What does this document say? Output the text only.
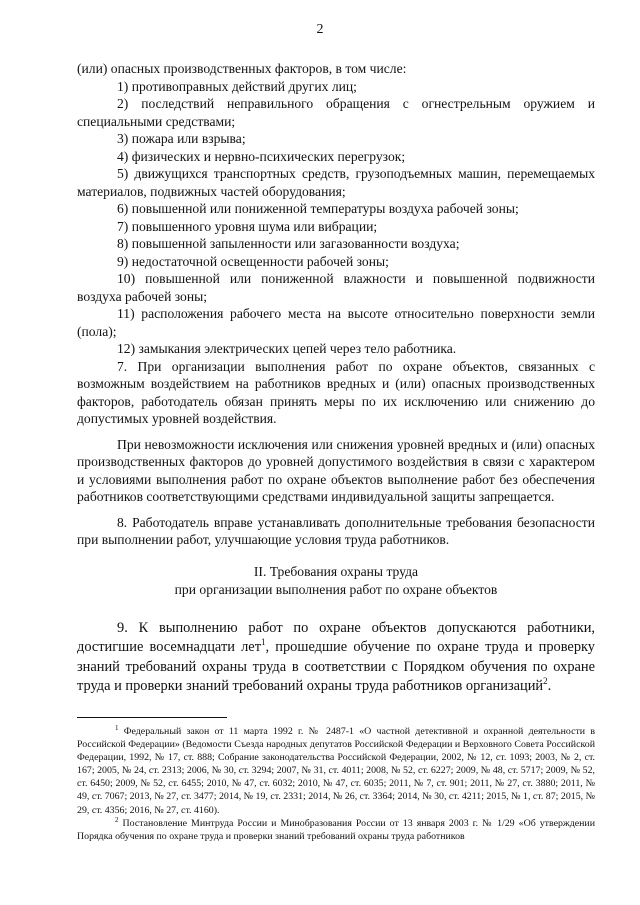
2

(или) опасных производственных факторов, в том числе:

1) противоправных действий других лиц;

2) последствий неправильного обращения с огнестрельным оружием и специальными средствами;

3) пожара или взрыва;

4) физических и нервно-психических перегрузок;

5) движущихся транспортных средств, грузоподъемных машин, перемещаемых материалов, подвижных частей оборудования;

6) повышенной или пониженной температуры воздуха рабочей зоны;

7) повышенного уровня шума или вибрации;

8) повышенной запыленности или загазованности воздуха;

9) недостаточной освещенности рабочей зоны;

10) повышенной или пониженной влажности и повышенной подвижности воздуха рабочей зоны;

11) расположения рабочего места на высоте относительно поверхности земли (пола);

12) замыкания электрических цепей через тело работника.

7. При организации выполнения работ по охране объектов, связанных с возможным воздействием на работников вредных и (или) опасных производственных факторов, работодатель обязан принять меры по их исключению или снижению до допустимых уровней воздействия.

При невозможности исключения или снижения уровней вредных и (или) опасных производственных факторов до уровней допустимого воздействия в связи с характером и условиями выполнения работ по охране объектов выполнение работ без обеспечения работников соответствующими средствами индивидуальной защиты запрещается.

8. Работодатель вправе устанавливать дополнительные требования безопасности при выполнении работ, улучшающие условия труда работников.

II. Требования охраны труда

при организации выполнения работ по охране объектов

9. К выполнению работ по охране объектов допускаются работники, достигшие восемнадцати лет$^1$, прошедшие обучение по охране труда и проверку знаний требований охраны труда в соответствии с Порядком обучения по охране труда и проверки знаний требований охраны труда работников организаций$^2$.

$^1$ Федеральный закон от 11 марта 1992 г. № 2487-1 «О частной детективной и охранной деятельности в Российской Федерации» (Ведомости Съезда народных депутатов Российской Федерации и Верховного Совета Российской Федерации, 1992, № 17, ст. 888; Собрание законодательства Российской Федерации, 2002, № 12, ст. 1093; 2003, № 2, ст. 167; 2005, № 24, ст. 2313; 2006, № 30, ст. 3294; 2007, № 31, ст. 4011; 2008, № 52, ст. 6227; 2009, № 48, ст. 5717; 2009, № 52, ст. 6450; 2009, № 52, ст. 6455; 2010, № 47, ст. 6032; 2010, № 47, ст. 6035; 2011, № 7, ст. 901; 2011, № 27, ст. 3880; 2011, № 49, ст. 7067; 2013, № 27, ст. 3477; 2014, № 19, ст. 2331; 2014, № 26, ст. 3364; 2014, № 30, ст. 4211; 2015, № 1, ст. 87; 2015, № 29, ст. 4356; 2016, № 27, ст. 4160).

$^2$ Постановление Минтруда России и Минобразования России от 13 января 2003 г. № 1/29 «Об утверждении Порядка обучения по охране труда и проверки знаний требований охраны труда работников
